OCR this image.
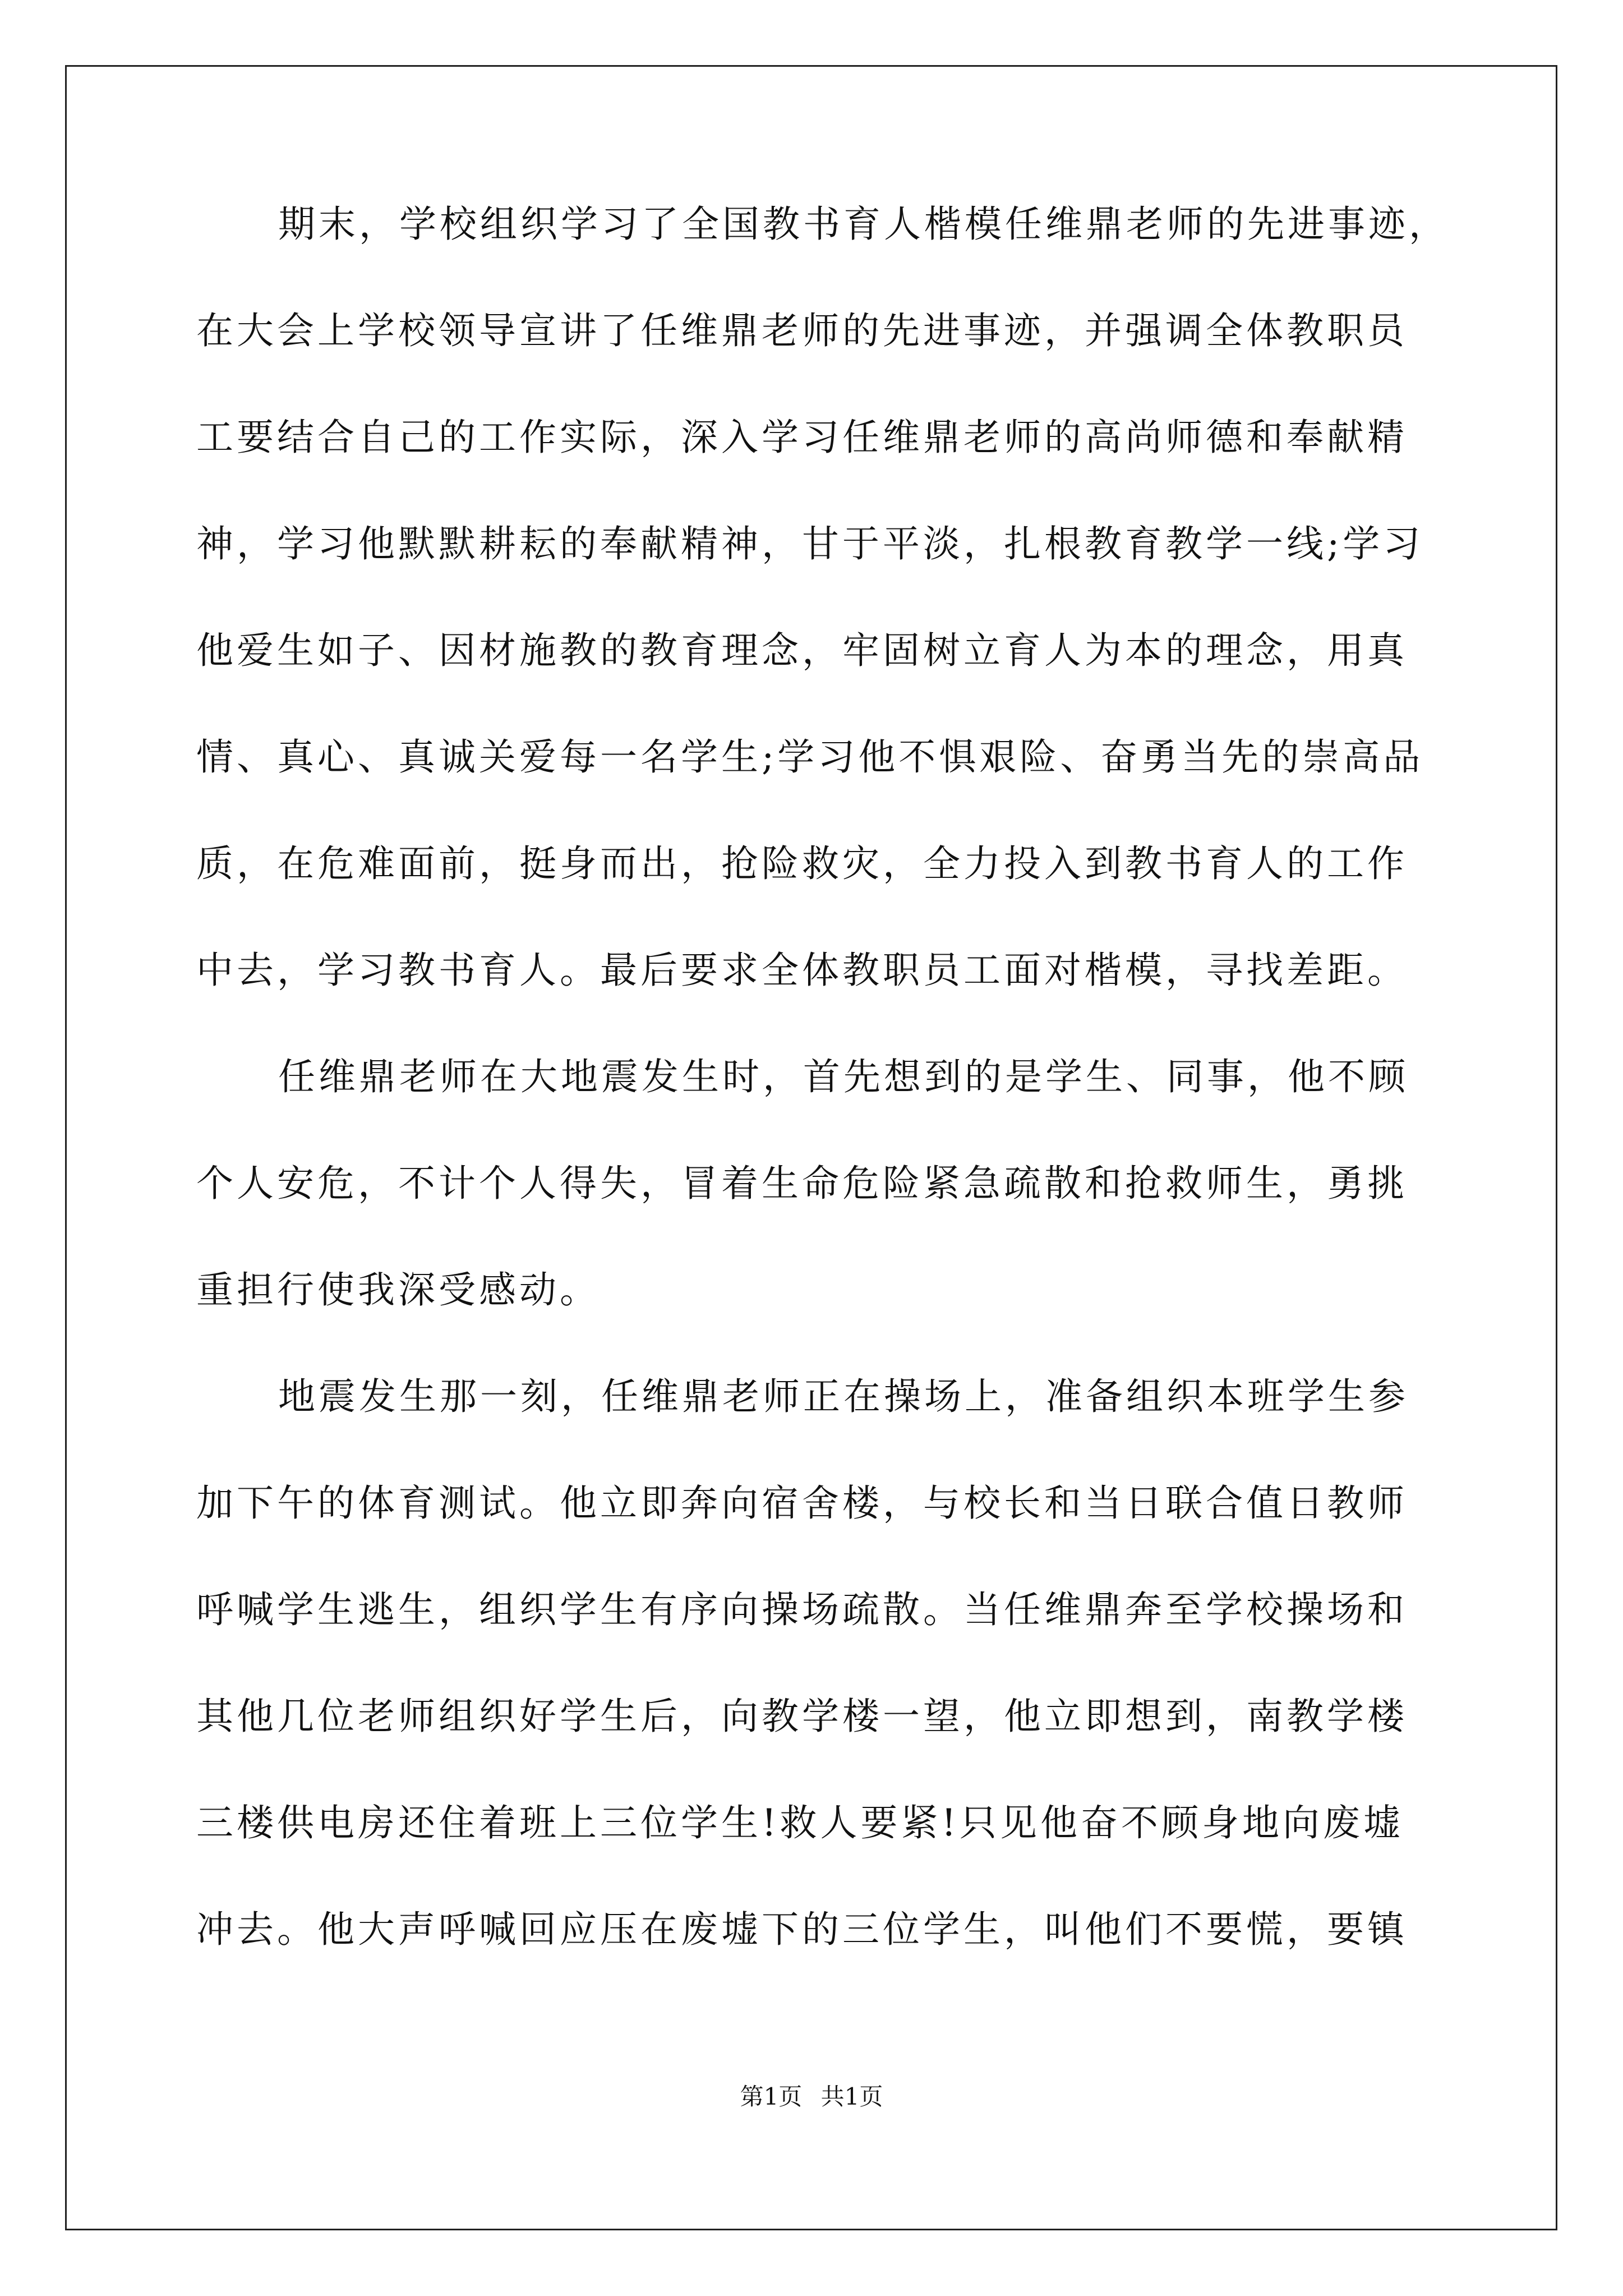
期末，学校组织学习了全国教书育人楷模任维鼎老师的先进事迹，
在大会上学校领导宣讲了任维鼎老师的先进事迹，并强调全体教职员
工要结合自己的工作实际，深入学习任维鼎老师的高尚师德和奉献精
神，学习他默默耕耘的奉献精神，甘于平淡，扎根教育教学一线;学习
他爱生如子、因材施教的教育理念，牢固树立育人为本的理念，用真
情、真心、真诚关爱每一名学生;学习他不惧艰险、奋勇当先的崇高品
质，在危难面前，挺身而出，抢险救灾，全力投入到教书育人的工作
中去，学习教书育人。最后要求全体教职员工面对楷模，寻找差距。
任维鼎老师在大地震发生时，首先想到的是学生、同事，他不顾
个人安危，不计个人得失，冒着生命危险紧急疏散和抢救师生，勇挑
重担行使我深受感动。
地震发生那一刻，任维鼎老师正在操场上，准备组织本班学生参
加下午的体育测试。他立即奔向宿舍楼，与校长和当日联合值日教师
呼喊学生逃生，组织学生有序向操场疏散。当任维鼎奔至学校操场和
其他几位老师组织好学生后，向教学楼一望，他立即想到，南教学楼
三楼供电房还住着班上三位学生!救人要紧!只见他奋不顾身地向废墟
冲去。他大声呼喊回应压在废墟下的三位学生，叫他们不要慌，要镇
第1页 共1页
